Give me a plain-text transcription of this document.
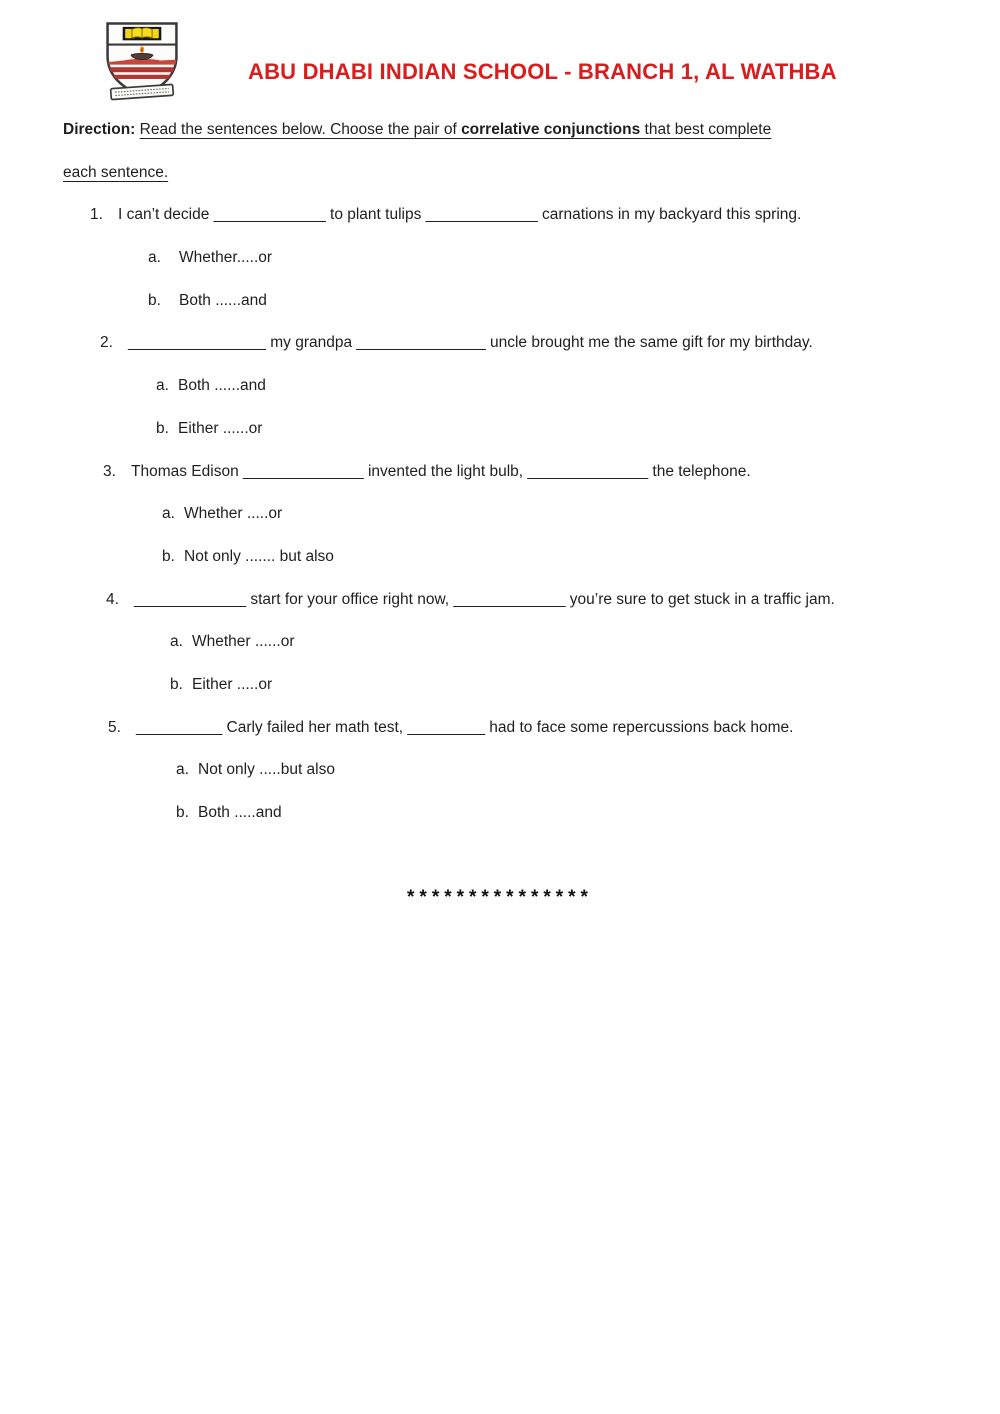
ABU DHABI INDIAN SCHOOL - BRANCH 1, AL WATHBA
Direction: Read the sentences below. Choose the pair of correlative conjunctions that best complete
each sentence.
1. I can’t decide _____________ to plant tulips _____________ carnations in my backyard this spring.
a. Whether.....or
b. Both ......and
2. ________________ my grandpa _______________ uncle brought me the same gift for my birthday.
a. Both ......and
b. Either ......or
3. Thomas Edison ______________ invented the light bulb, ______________ the telephone.
a. Whether .....or
b. Not only ....... but also
4. _____________ start for your office right now, _____________ you’re sure to get stuck in a traffic jam.
a. Whether ......or
b. Either .....or
5. __________ Carly failed her math test, _________ had to face some repercussions back home.
a. Not only .....but also
b. Both .....and
***************
